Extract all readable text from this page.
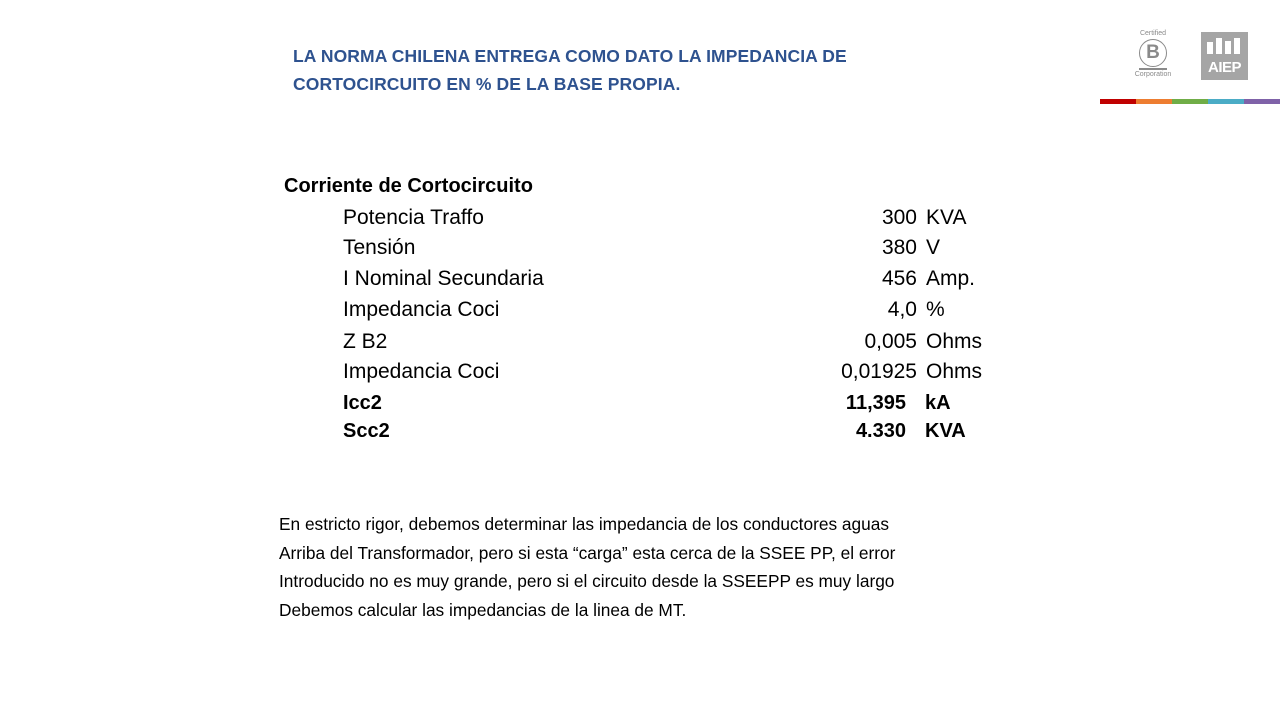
LA NORMA CHILENA ENTREGA COMO DATO LA IMPEDANCIA DE
CORTOCIRCUITO EN % DE LA BASE PROPIA.
Certified
B
Corporation	AIEP
Corriente de Cortocircuito
Potencia Traffo	300 KVA
Tensión	380 V
I Nominal Secundaria	456 Amp.
Impedancia Coci	4,0 %
Z B2	0,005 Ohms
Impedancia Coci	0,01925 Ohms
Icc2	11,395 kA
Scc2	4.330 KVA
En estricto rigor, debemos determinar las impedancia de los conductores aguas
Arriba del Transformador, pero si esta “carga” esta cerca de la SSEE PP, el error
Introducido no es muy grande, pero si el circuito desde la SSEEPP es muy largo
Debemos calcular las impedancias de la linea de MT.
